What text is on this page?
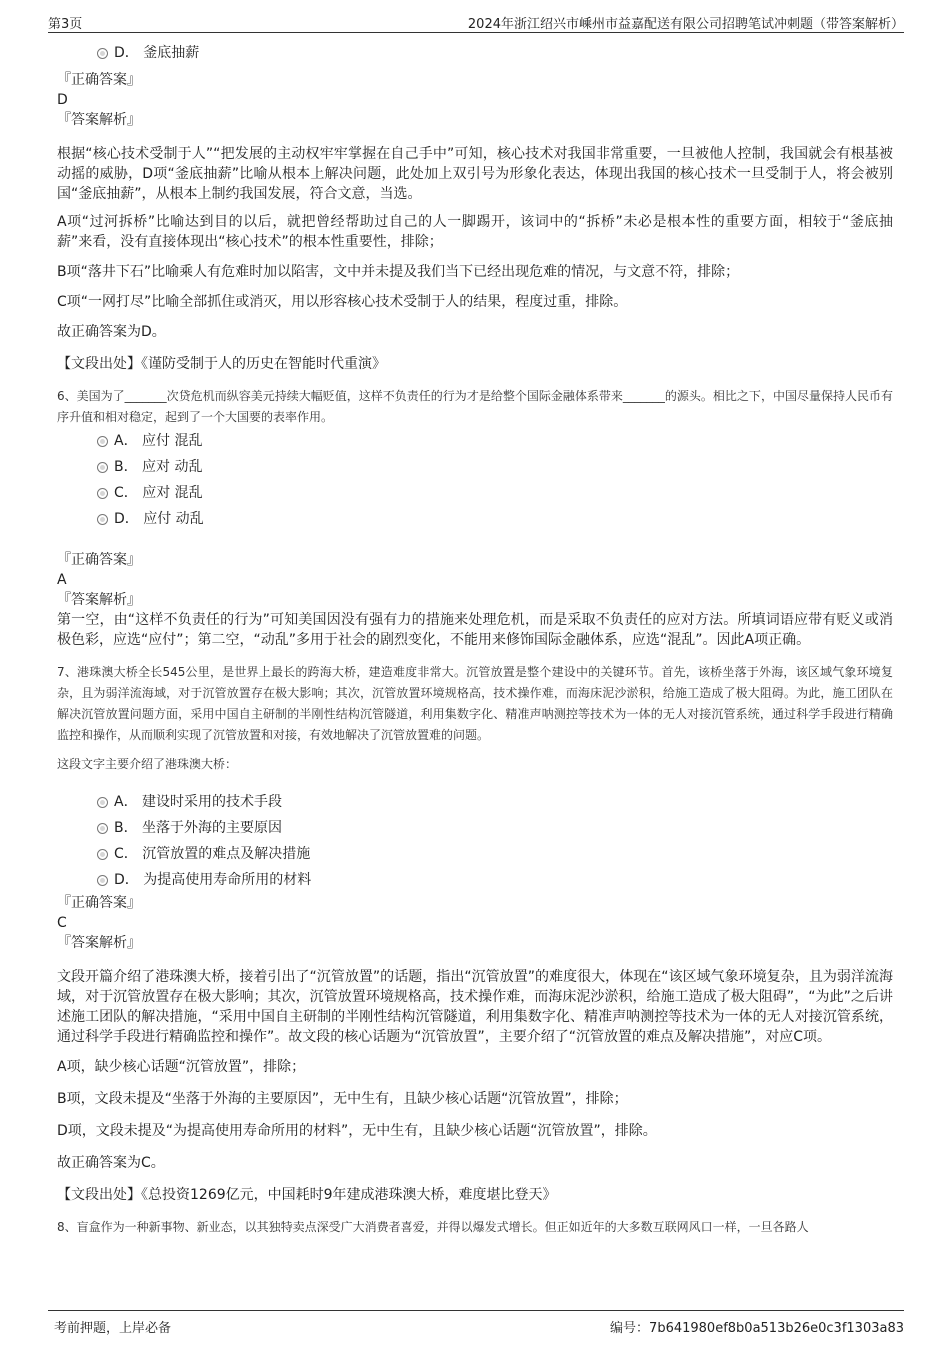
第3页	2024年浙江绍兴市嵊州市益嘉配送有限公司招聘笔试冲刺题（带答案解析）
D． 釜底抽薪
『正确答案』
D
『答案解析』

根据“核心技术受制于人”“把发展的主动权牢牢掌握在自己手中”可知，核心技术对我国非常重要，一旦被他人控制，我国就会有根基被动摇的威胁，D项“釜底抽薪”比喻从根本上解决问题，此处加上双引号为形象化表达，体现出我国的核心技术一旦受制于人，将会被别国“釜底抽薪”，从根本上制约我国发展，符合文意，当选。

A项“过河拆桥”比喻达到目的以后，就把曾经帮助过自己的人一脚踢开，该词中的“拆桥”未必是根本性的重要方面，相较于“釜底抽薪”来看，没有直接体现出“核心技术”的根本性重要性，排除；

B项“落井下石”比喻乘人有危难时加以陷害，文中并未提及我们当下已经出现危难的情况，与文意不符，排除；

C项“一网打尽”比喻全部抓住或消灭，用以形容核心技术受制于人的结果，程度过重，排除。

故正确答案为D。

【文段出处】《谨防受制于人的历史在智能时代重演》

6、美国为了_______次贷危机而纵容美元持续大幅贬值，这样不负责任的行为才是给整个国际金融体系带来_______的源头。相比之下，中国尽量保持人民币有序升值和相对稳定，起到了一个大国要的表率作用。

A． 应付 混乱
B． 应对 动乱
C． 应对 混乱
D． 应付 动乱
『正确答案』
A
『答案解析』

第一空，由“这样不负责任的行为”可知美国因没有强有力的措施来处理危机，而是采取不负责任的应对方法。所填词语应带有贬义或消极色彩，应选“应付”；第二空，“动乱”多用于社会的剧烈变化，不能用来修饰国际金融体系，应选“混乱”。因此A项正确。

7、港珠澳大桥全长545公里，是世界上最长的跨海大桥，建造难度非常大。沉管放置是整个建设中的关键环节。首先，该桥坐落于外海，该区域气象环境复杂，且为弱洋流海域，对于沉管放置存在极大影响；其次，沉管放置环境规格高，技术操作难，而海床泥沙淤积，给施工造成了极大阻碍。为此，施工团队在解决沉管放置问题方面，采用中国自主研制的半刚性结构沉管隧道，利用集数字化、精准声呐测控等技术为一体的无人对接沉管系统，通过科学手段进行精确监控和操作，从而顺利实现了沉管放置和对接，有效地解决了沉管放置难的问题。

这段文字主要介绍了港珠澳大桥：

A． 建设时采用的技术手段
B． 坐落于外海的主要原因
C． 沉管放置的难点及解决措施
D． 为提高使用寿命所用的材料
『正确答案』
C
『答案解析』

文段开篇介绍了港珠澳大桥，接着引出了“沉管放置”的话题，指出“沉管放置”的难度很大，体现在“该区域气象环境复杂，且为弱洋流海域，对于沉管放置存在极大影响；其次，沉管放置环境规格高，技术操作难，而海床泥沙淤积，给施工造成了极大阻碍”，“为此”之后讲述施工团队的解决措施，“采用中国自主研制的半刚性结构沉管隧道，利用集数字化、精准声呐测控等技术为一体的无人对接沉管系统，通过科学手段进行精确监控和操作”。故文段的核心话题为“沉管放置”，主要介绍了“沉管放置的难点及解决措施”，对应C项。

A项，缺少核心话题“沉管放置”，排除；

B项，文段未提及“坐落于外海的主要原因”，无中生有，且缺少核心话题“沉管放置”，排除；

D项，文段未提及“为提高使用寿命所用的材料”，无中生有，且缺少核心话题“沉管放置”，排除。

故正确答案为C。

【文段出处】《总投资1269亿元，中国耗时9年建成港珠澳大桥，难度堪比登天》

8、盲盒作为一种新事物、新业态，以其独特卖点深受广大消费者喜爱，并得以爆发式增长。但正如近年的大多数互联网风口一样，一旦各路人

考前押题，上岸必备	编号：7b641980ef8b0a513b26e0c3f1303a83
